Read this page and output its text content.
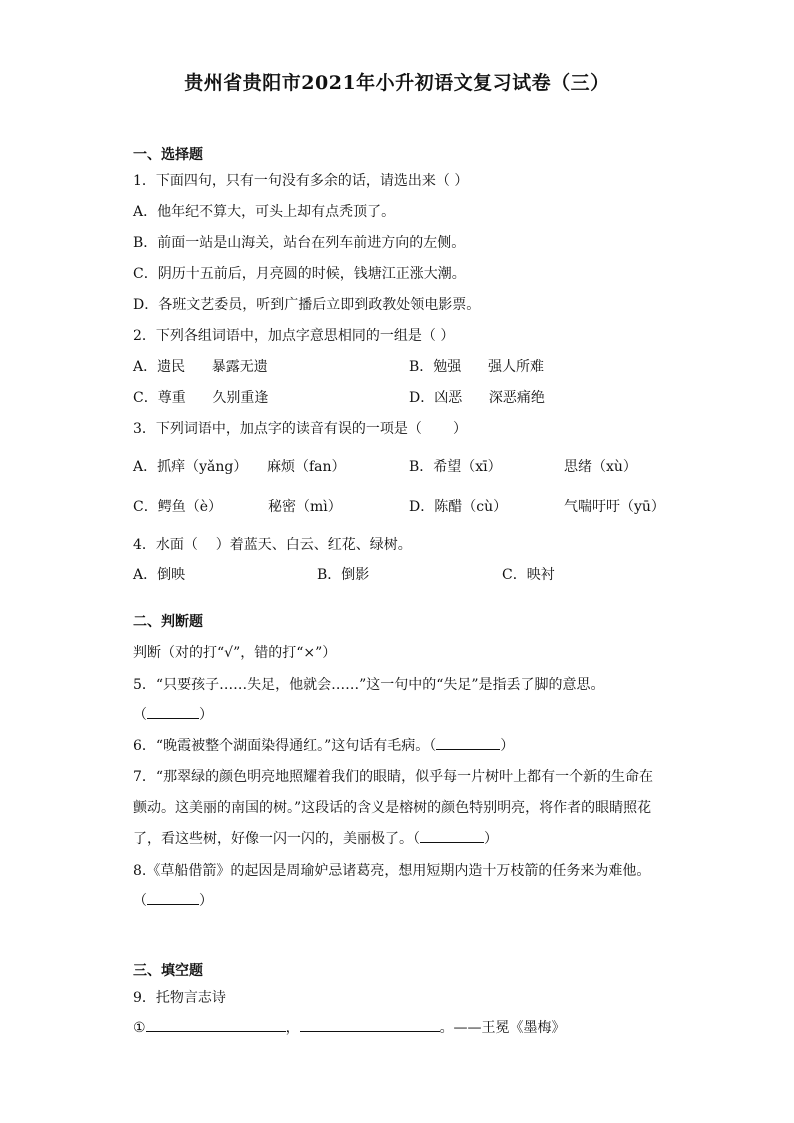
贵州省贵阳市2021年小升初语文复习试卷（三）
一、选择题
1．下面四句，只有一句没有多余的话，请选出来（ ）
A．他年纪不算大，可头上却有点秃顶了。
B．前面一站是山海关，站台在列车前进方向的左侧。
C．阴历十五前后，月亮圆的时候，钱塘江正涨大潮。
D．各班文艺委员，听到广播后立即到政教处领电影票。
2．下列各组词语中，加点字意思相同的一组是（ ）
A．遗民      暴露无遗	B．勉强      强人所难
C．尊重      久别重逢	D．凶恶      深恶痛绝
3．下列词语中，加点字的读音有误的一项是（       ）
A．抓痒（yǎng） 麻烦（fan）	B．希望（xī）	思绪（xù）
C．鳄鱼（è）	秘密（mì）	D．陈醋（cù）	气喘吁吁（yū）
4．水面（    ）着蓝天、白云、红花、绿树。
A．倒映	B．倒影	C．映衬
二、判断题
判断（对的打“√”，错的打“×”）
5．“只要孩子……失足，他就会……”这一句中的“失足”是指丢了脚的意思。
（	）
6．“晚霞被整个湖面染得通红。”这句话有毛病。（	）
7．“那翠绿的颜色明亮地照耀着我们的眼睛，似乎每一片树叶上都有一个新的生命在
颤动。这美丽的南国的树。”这段话的含义是榕树的颜色特别明亮，将作者的眼睛照花
了，看这些树，好像一闪一闪的，美丽极了。（	）
8.《草船借箭》的起因是周瑜妒忌诸葛亮，想用短期内造十万枝箭的任务来为难他。
（	）
三、填空题
9．托物言志诗
①	，	。——王冕《墨梅》
